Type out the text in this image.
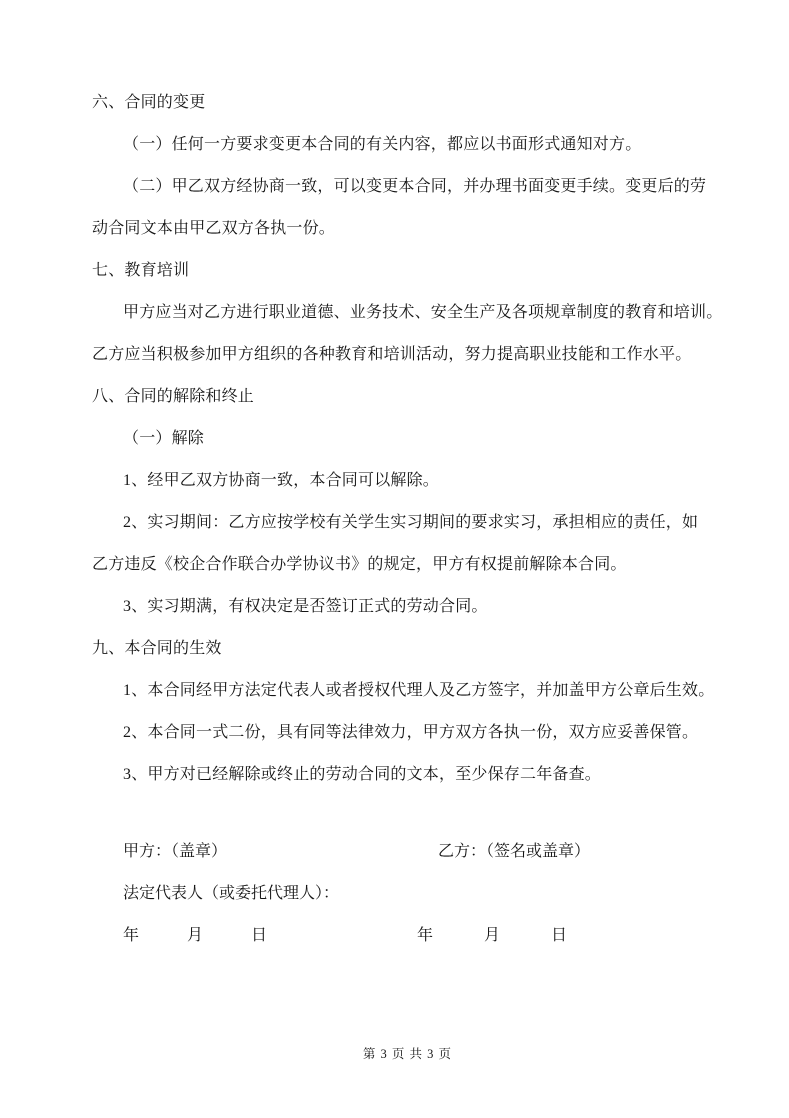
六、合同的变更
（一）任何一方要求变更本合同的有关内容，都应以书面形式通知对方。
（二）甲乙双方经协商一致，可以变更本合同，并办理书面变更手续。变更后的劳
动合同文本由甲乙双方各执一份。
七、教育培训
甲方应当对乙方进行职业道德、业务技术、安全生产及各项规章制度的教育和培训。
乙方应当积极参加甲方组织的各种教育和培训活动，努力提高职业技能和工作水平。
八、合同的解除和终止
（一）解除
1、经甲乙双方协商一致，本合同可以解除。
2、实习期间：乙方应按学校有关学生实习期间的要求实习，承担相应的责任，如
乙方违反《校企合作联合办学协议书》的规定，甲方有权提前解除本合同。
3、实习期满，有权决定是否签订正式的劳动合同。
九、本合同的生效
1、本合同经甲方法定代表人或者授权代理人及乙方签字，并加盖甲方公章后生效。
2、本合同一式二份，具有同等法律效力，甲方双方各执一份，双方应妥善保管。
3、甲方对已经解除或终止的劳动合同的文本，至少保存二年备查。
甲方：（盖章）	乙方：（签名或盖章）
法定代表人（或委托代理人）：
年	月	日	年	月	日
第 3 页 共 3 页
